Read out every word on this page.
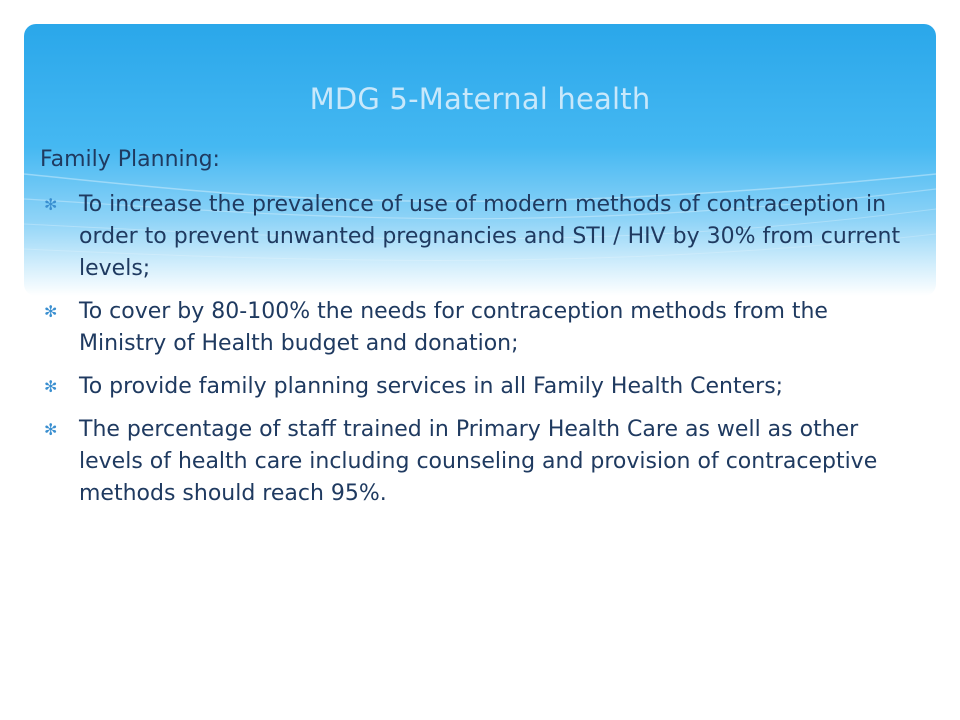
MDG 5-Maternal health
Family Planning:
✻ To increase the prevalence of use of modern methods of contraception in order to prevent unwanted pregnancies and STI / HIV by 30% from current levels;
✻ To cover by 80-100% the needs for contraception methods from the Ministry of Health budget and donation;
✻ To provide family planning services in all Family Health Centers;
✻ The percentage of staff trained in Primary Health Care as well as other levels of health care including counseling and provision of contraceptive methods should reach 95%.
